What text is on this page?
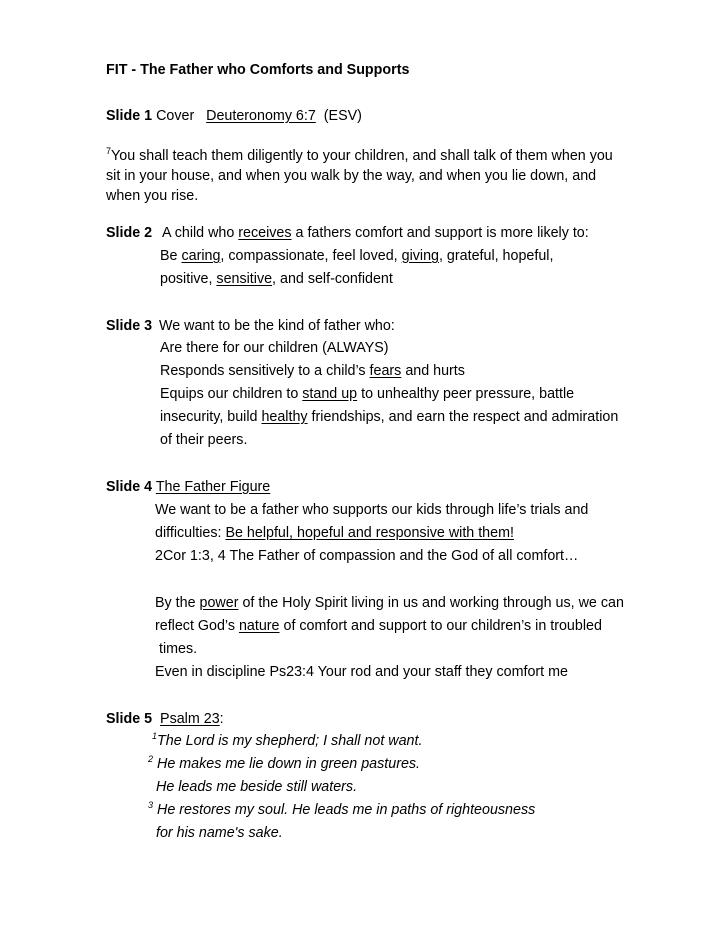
FIT - The Father who Comforts and Supports
Slide 1 Cover Deuteronomy 6:7 (ESV)
$^7$You shall teach them diligently to your children, and shall talk of them when you
sit in your house, and when you walk by the way, and when you lie down, and
when you rise.
Slide 2 A child who receives a fathers comfort and support is more likely to:
Be caring, compassionate, feel loved, giving, grateful, hopeful,
positive, sensitive, and self-confident
Slide 3 We want to be the kind of father who:
Are there for our children (ALWAYS)
Responds sensitively to a child’s fears and hurts
Equips our children to stand up to unhealthy peer pressure, battle
insecurity, build healthy friendships, and earn the respect and admiration
of their peers.
Slide 4 The Father Figure
We want to be a father who supports our kids through life’s trials and
difficulties: Be helpful, hopeful and responsive with them!
2Cor 1:3, 4 The Father of compassion and the God of all comfort…
By the power of the Holy Spirit living in us and working through us, we can
reflect God’s nature of comfort and support to our children’s in troubled
times.
Even in discipline Ps23:4 Your rod and your staff they comfort me
Slide 5 Psalm 23:
$^1$The Lord is my shepherd; I shall not want.
$^2$ He makes me lie down in green pastures.
He leads me beside still waters.
$^3$ He restores my soul. He leads me in paths of righteousness
for his name's sake.
